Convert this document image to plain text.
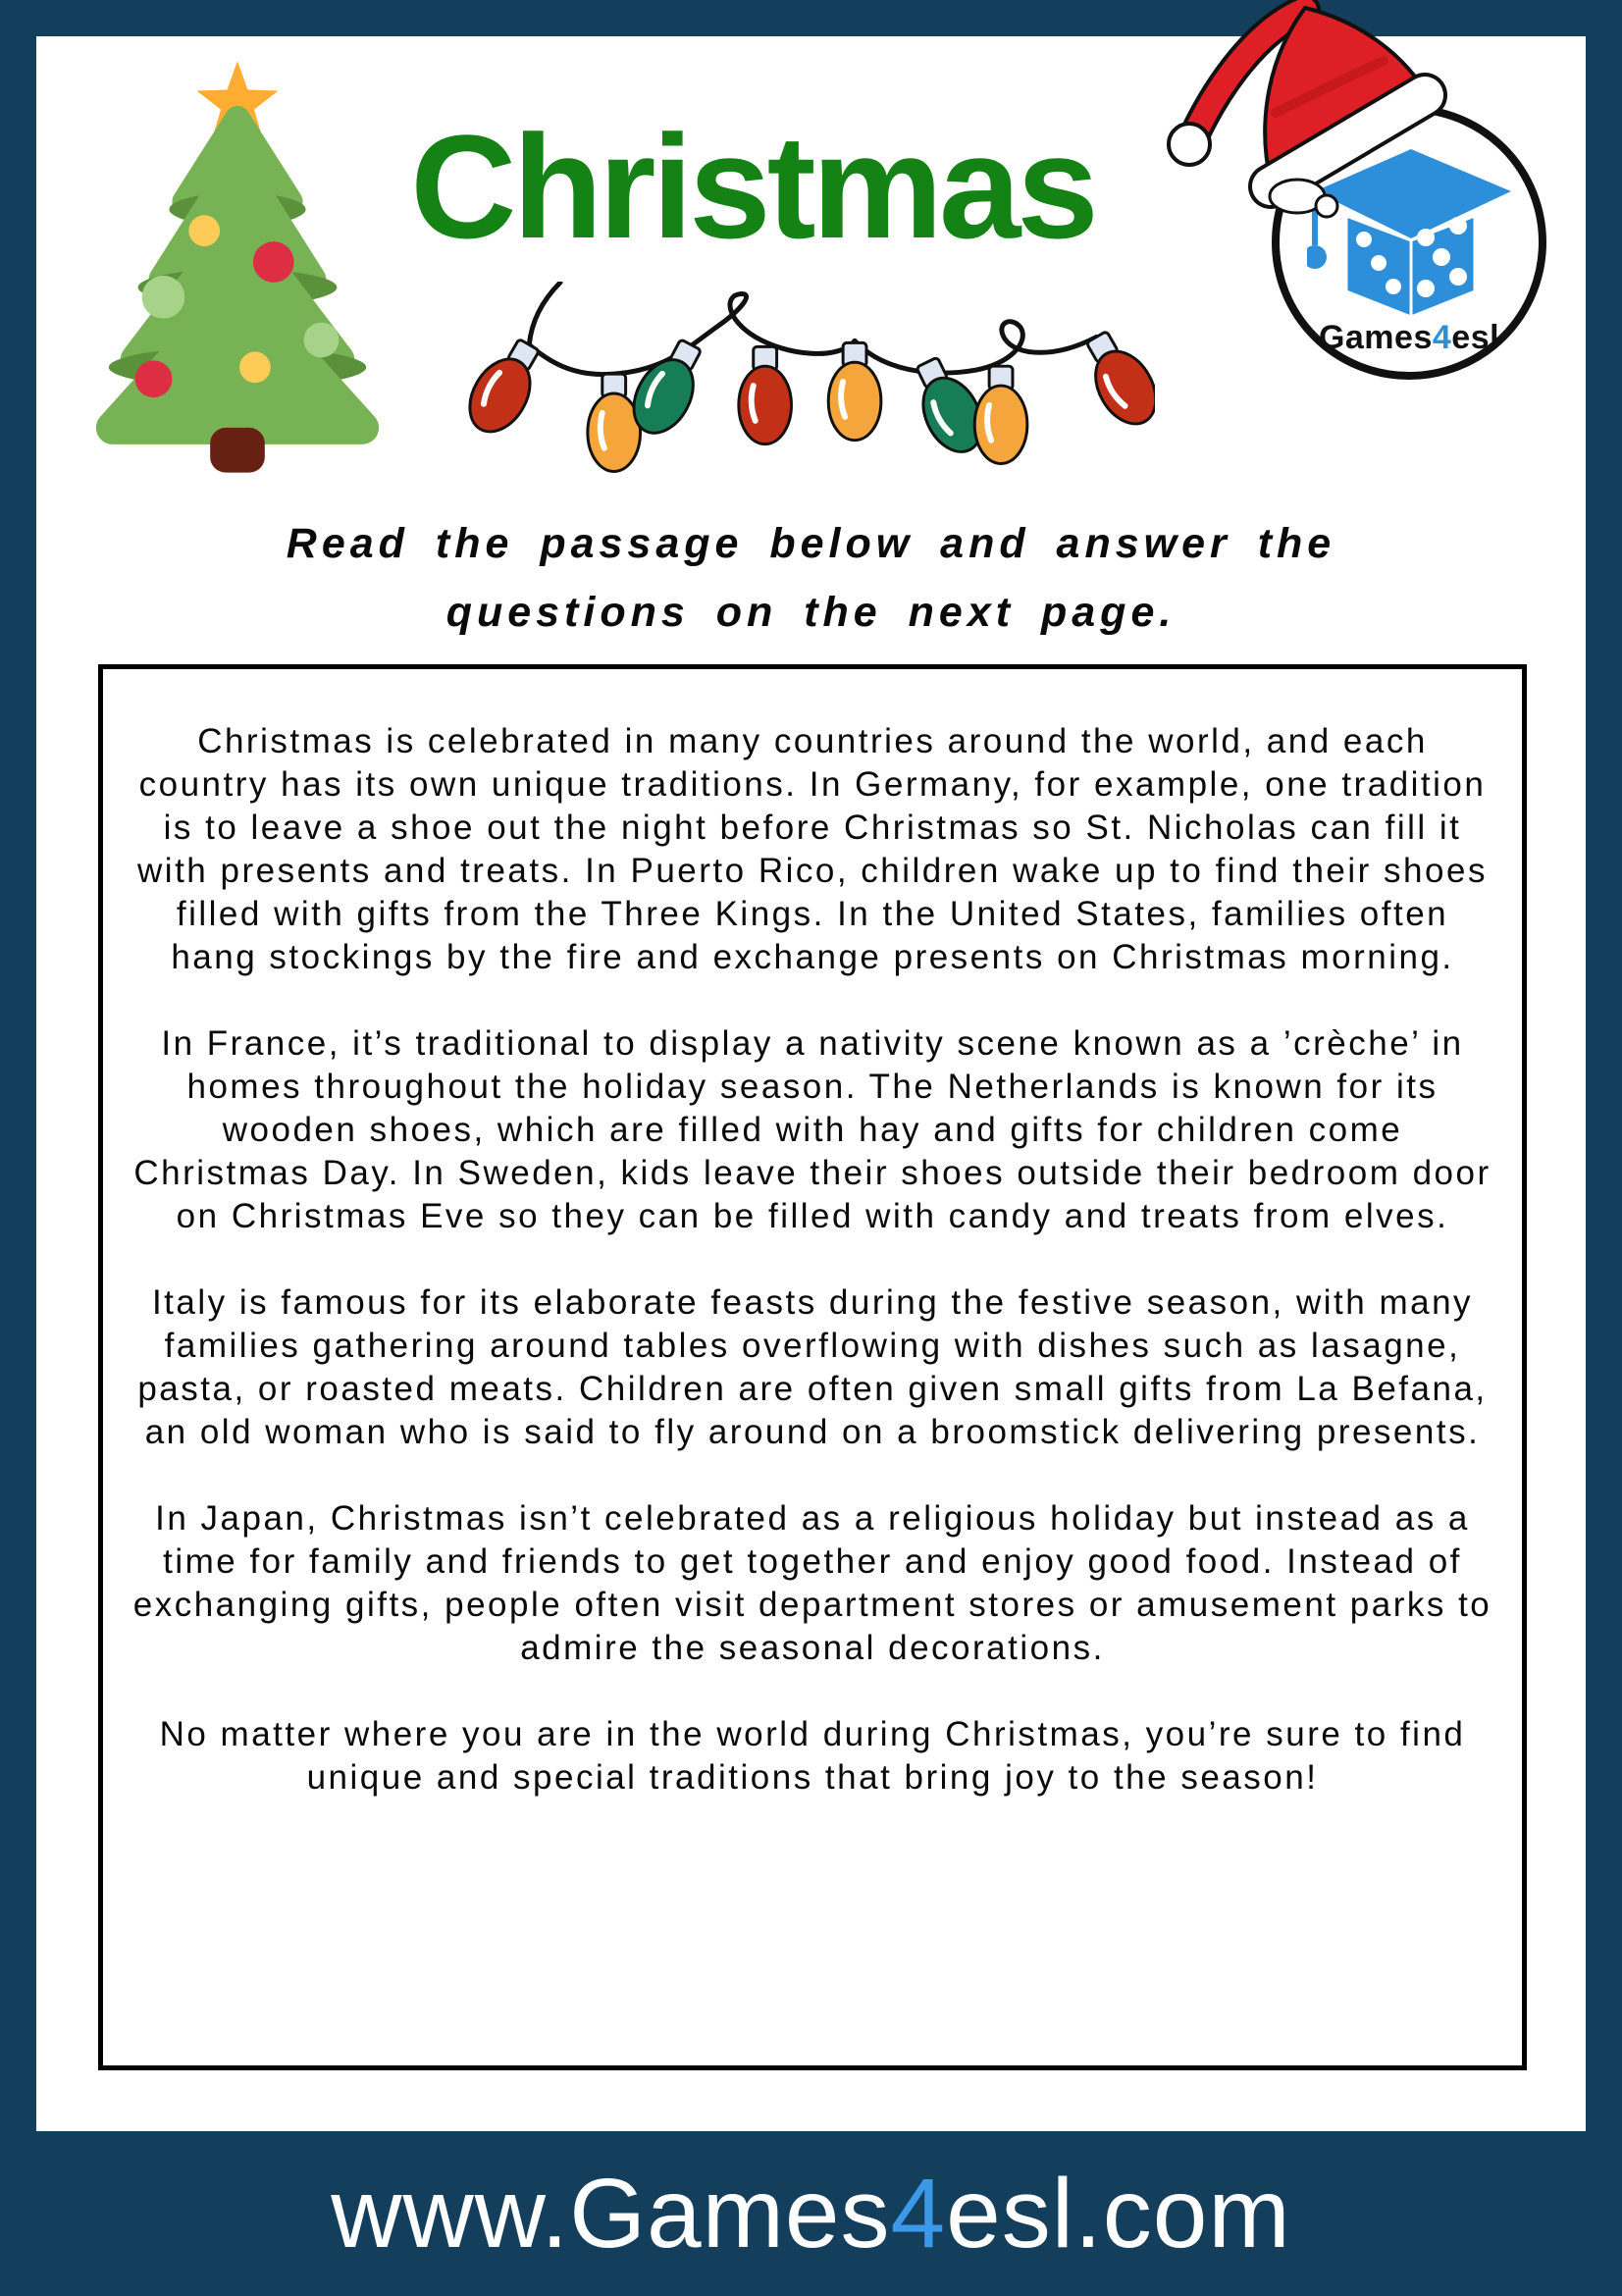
Christmas
Games4esl
Read the passage below and answer the
questions on the next page.

Christmas is celebrated in many countries around the world, and each country has its own unique traditions. In Germany, for example, one tradition is to leave a shoe out the night before Christmas so St. Nicholas can fill it with presents and treats. In Puerto Rico, children wake up to find their shoes filled with gifts from the Three Kings. In the United States, families often hang stockings by the fire and exchange presents on Christmas morning.

In France, it’s traditional to display a nativity scene known as a ’crèche’ in homes throughout the holiday season. The Netherlands is known for its wooden shoes, which are filled with hay and gifts for children come Christmas Day. In Sweden, kids leave their shoes outside their bedroom door on Christmas Eve so they can be filled with candy and treats from elves.

Italy is famous for its elaborate feasts during the festive season, with many families gathering around tables overflowing with dishes such as lasagne, pasta, or roasted meats. Children are often given small gifts from La Befana, an old woman who is said to fly around on a broomstick delivering presents.

In Japan, Christmas isn’t celebrated as a religious holiday but instead as a time for family and friends to get together and enjoy good food. Instead of exchanging gifts, people often visit department stores or amusement parks to admire the seasonal decorations.

No matter where you are in the world during Christmas, you’re sure to find unique and special traditions that bring joy to the season!

www.Games4esl.com
